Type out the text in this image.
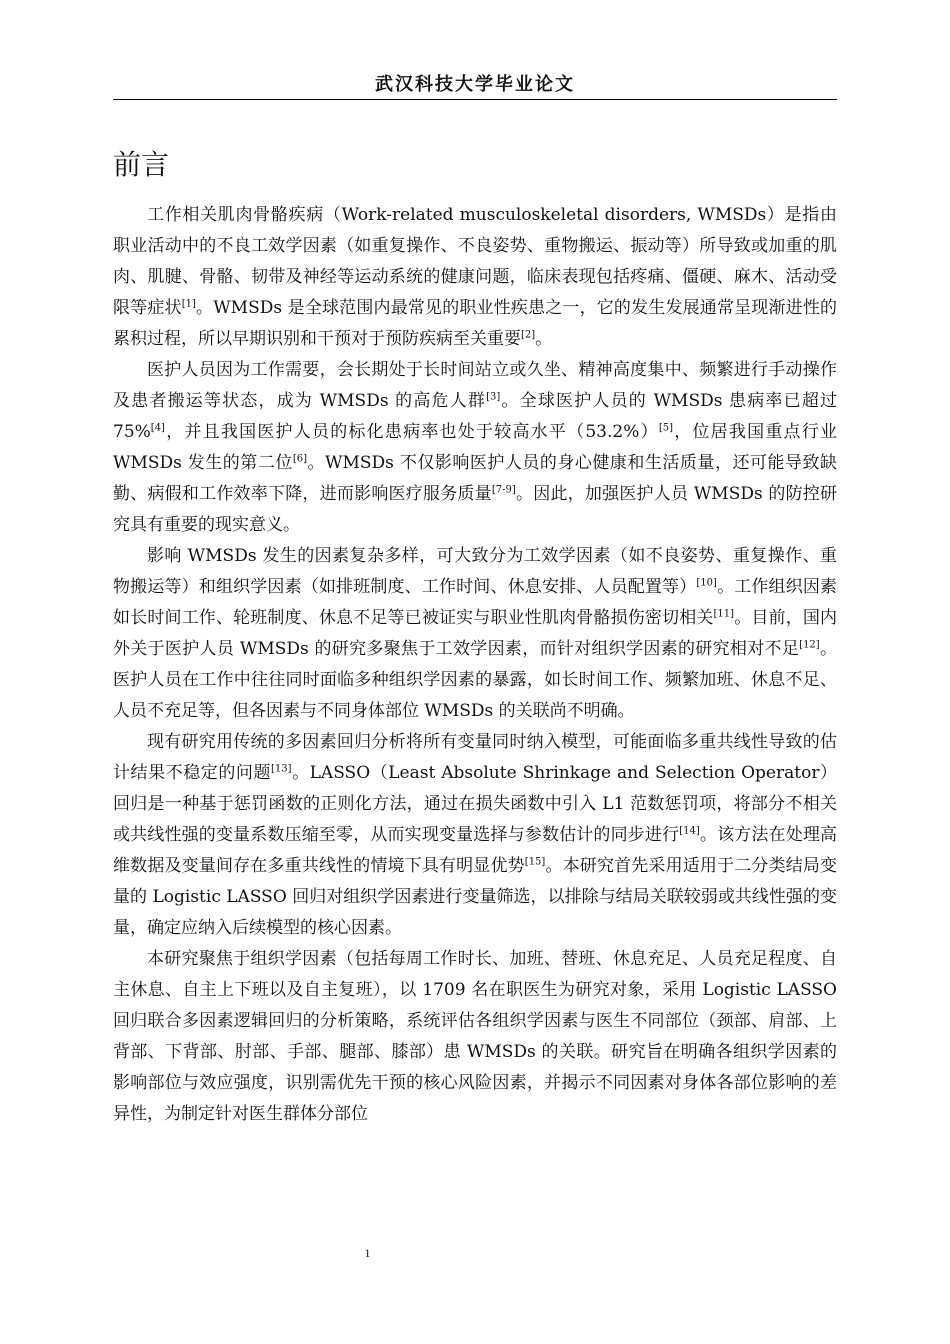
武汉科技大学毕业论文
前言

工作相关肌肉骨骼疾病（Work-related musculoskeletal disorders, WMSDs）是指由职业活动中的不良工效学因素（如重复操作、不良姿势、重物搬运、振动等）所导致或加重的肌肉、肌腱、骨骼、韧带及神经等运动系统的健康问题，临床表现包括疼痛、僵硬、麻木、活动受限等症状[1]。WMSDs 是全球范围内最常见的职业性疾患之一，它的发生发展通常呈现渐进性的累积过程，所以早期识别和干预对于预防疾病至关重要[2]。

医护人员因为工作需要，会长期处于长时间站立或久坐、精神高度集中、频繁进行手动操作及患者搬运等状态，成为 WMSDs 的高危人群[3]。全球医护人员的 WMSDs 患病率已超过 75%[4]，并且我国医护人员的标化患病率也处于较高水平（53.2%）[5]，位居我国重点行业 WMSDs 发生的第二位[6]。WMSDs 不仅影响医护人员的身心健康和生活质量，还可能导致缺勤、病假和工作效率下降，进而影响医疗服务质量[7-9]。因此，加强医护人员 WMSDs 的防控研究具有重要的现实意义。

影响 WMSDs 发生的因素复杂多样，可大致分为工效学因素（如不良姿势、重复操作、重物搬运等）和组织学因素（如排班制度、工作时间、休息安排、人员配置等）[10]。工作组织因素如长时间工作、轮班制度、休息不足等已被证实与职业性肌肉骨骼损伤密切相关[11]。目前，国内外关于医护人员 WMSDs 的研究多聚焦于工效学因素，而针对组织学因素的研究相对不足[12]。医护人员在工作中往往同时面临多种组织学因素的暴露，如长时间工作、频繁加班、休息不足、人员不充足等，但各因素与不同身体部位 WMSDs 的关联尚不明确。

现有研究用传统的多因素回归分析将所有变量同时纳入模型，可能面临多重共线性导致的估计结果不稳定的问题[13]。LASSO（Least Absolute Shrinkage and Selection Operator）回归是一种基于惩罚函数的正则化方法，通过在损失函数中引入 L1 范数惩罚项，将部分不相关或共线性强的变量系数压缩至零，从而实现变量选择与参数估计的同步进行[14]。该方法在处理高维数据及变量间存在多重共线性的情境下具有明显优势[15]。本研究首先采用适用于二分类结局变量的 Logistic LASSO 回归对组织学因素进行变量筛选，以排除与结局关联较弱或共线性强的变量，确定应纳入后续模型的核心因素。

本研究聚焦于组织学因素（包括每周工作时长、加班、替班、休息充足、人员充足程度、自主休息、自主上下班以及自主复班），以 1709 名在职医生为研究对象，采用 Logistic LASSO 回归联合多因素逻辑回归的分析策略，系统评估各组织学因素与医生不同部位（颈部、肩部、上背部、下背部、肘部、手部、腿部、膝部）患 WMSDs 的关联。研究旨在明确各组织学因素的影响部位与效应强度，识别需优先干预的核心风险因素，并揭示不同因素对身体各部位影响的差异性，为制定针对医生群体分部位

1
